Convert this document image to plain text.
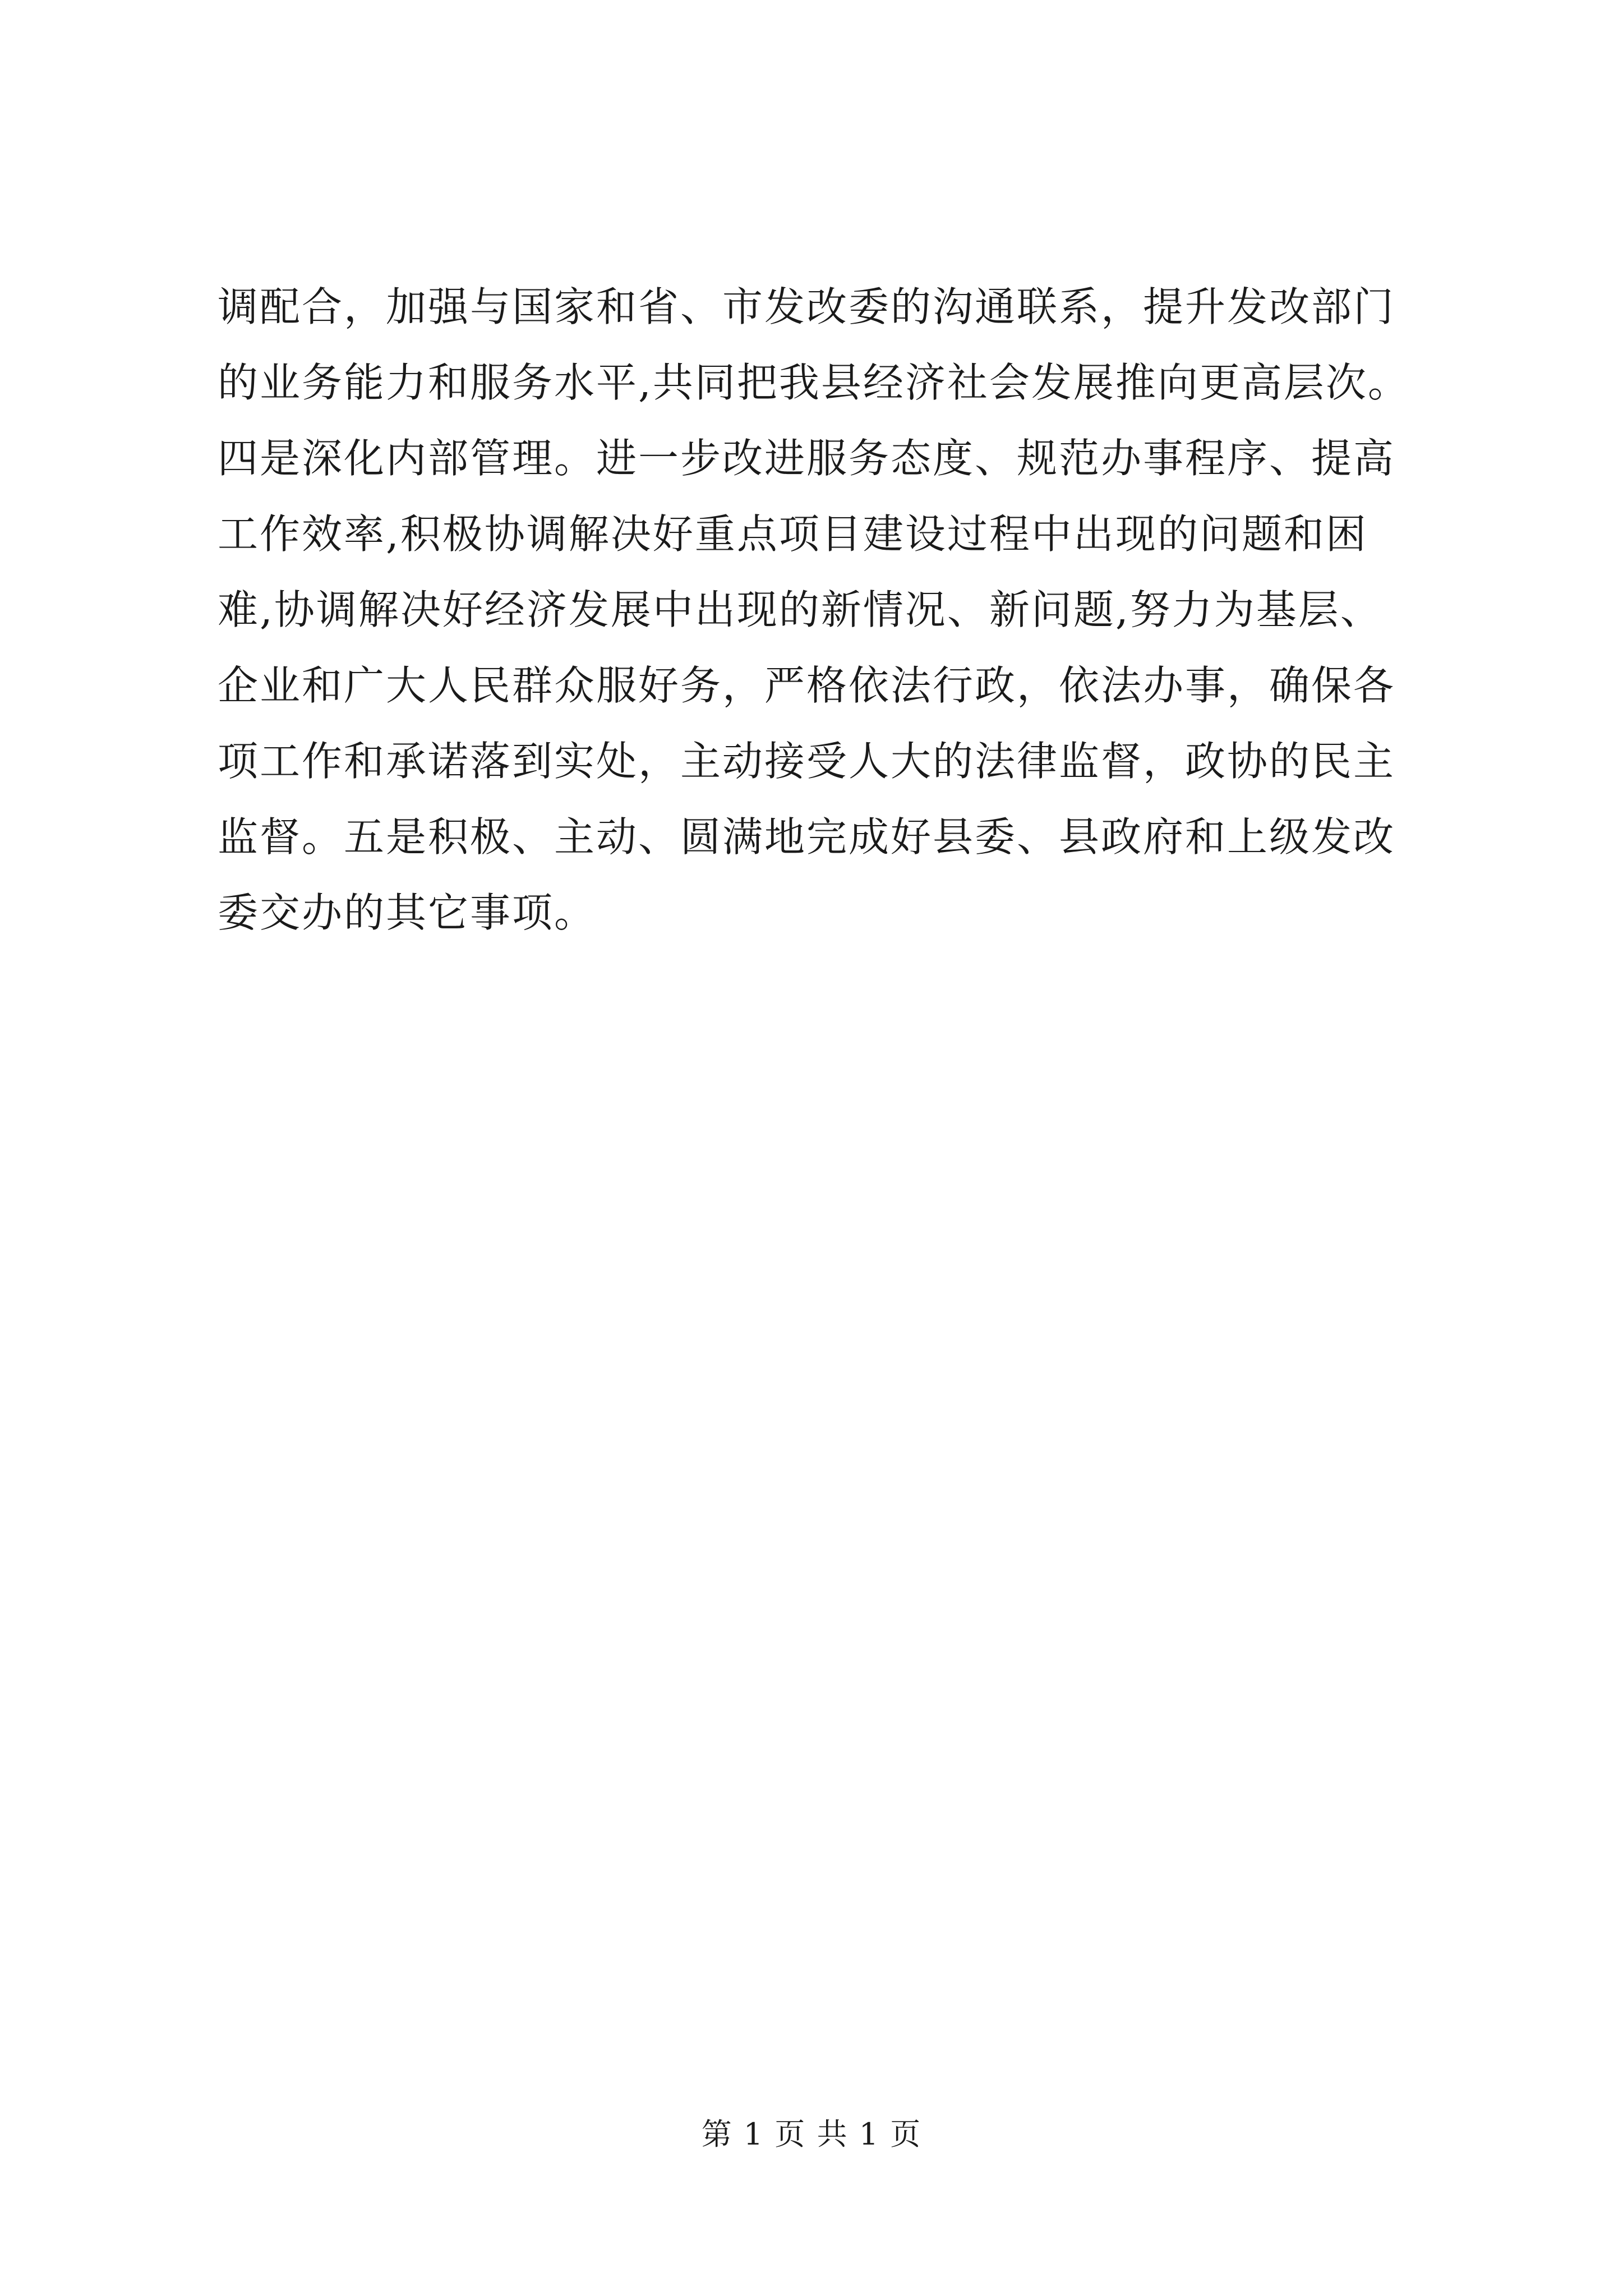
调配合，加强与国家和省、市发改委的沟通联系，提升发改部门
的业务能力和服务水平,共同把我县经济社会发展推向更高层次。
四是深化内部管理。进一步改进服务态度、规范办事程序、提高
工作效率,积极协调解决好重点项目建设过程中出现的问题和困
难,协调解决好经济发展中出现的新情况、新问题,努力为基层、
企业和广大人民群众服好务，严格依法行政，依法办事，确保各
项工作和承诺落到实处，主动接受人大的法律监督，政协的民主
监督。五是积极、主动、圆满地完成好县委、县政府和上级发改
委交办的其它事项。
第 1 页 共 1 页
